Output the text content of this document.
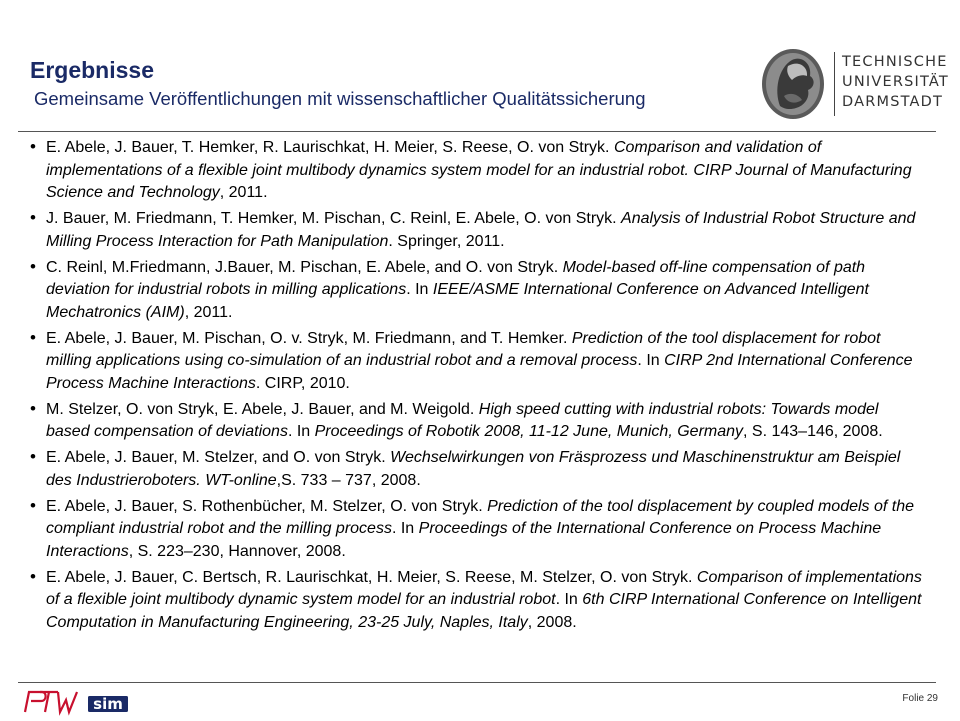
Ergebnisse
Gemeinsame Veröffentlichungen mit wissenschaftlicher Qualitätssicherung
TECHNISCHE
UNIVERSITÄT
DARMSTADT
• E. Abele, J. Bauer, T. Hemker, R. Laurischkat, H. Meier, S. Reese, O. von Stryk. Comparison and validation of implementations of a flexible joint multibody dynamics system model for an industrial robot. CIRP Journal of Manufacturing Science and Technology, 2011.
• J. Bauer, M. Friedmann, T. Hemker, M. Pischan, C. Reinl, E. Abele, O. von Stryk. Analysis of Industrial Robot Structure and Milling Process Interaction for Path Manipulation. Springer, 2011.
• C. Reinl, M.Friedmann, J.Bauer, M. Pischan, E. Abele, and O. von Stryk. Model-based off-line compensation of path deviation for industrial robots in milling applications. In IEEE/ASME International Conference on Advanced Intelligent Mechatronics (AIM), 2011.
• E. Abele, J. Bauer, M. Pischan, O. v. Stryk, M. Friedmann, and T. Hemker. Prediction of the tool displacement for robot milling applications using co-simulation of an industrial robot and a removal process. In CIRP 2nd International Conference Process Machine Interactions. CIRP, 2010.
• M. Stelzer, O. von Stryk, E. Abele, J. Bauer, and M. Weigold. High speed cutting with industrial robots: Towards model based compensation of deviations. In Proceedings of Robotik 2008, 11-12 June, Munich, Germany, S. 143–146, 2008.
• E. Abele, J. Bauer, M. Stelzer, and O. von Stryk. Wechselwirkungen von Fräsprozess und Maschinenstruktur am Beispiel des Industrieroboters. WT-online,S. 733 – 737, 2008.
• E. Abele, J. Bauer, S. Rothenbücher, M. Stelzer, O. von Stryk. Prediction of the tool displacement by coupled models of the compliant industrial robot and the milling process. In Proceedings of the International Conference on Process Machine Interactions, S. 223–230, Hannover, 2008.
• E. Abele, J. Bauer, C. Bertsch, R. Laurischkat, H. Meier, S. Reese, M. Stelzer, O. von Stryk. Comparison of implementations of a flexible joint multibody dynamic system model for an industrial robot. In 6th CIRP International Conference on Intelligent Computation in Manufacturing Engineering, 23-25 July, Naples, Italy, 2008.
sim	Folie 29
